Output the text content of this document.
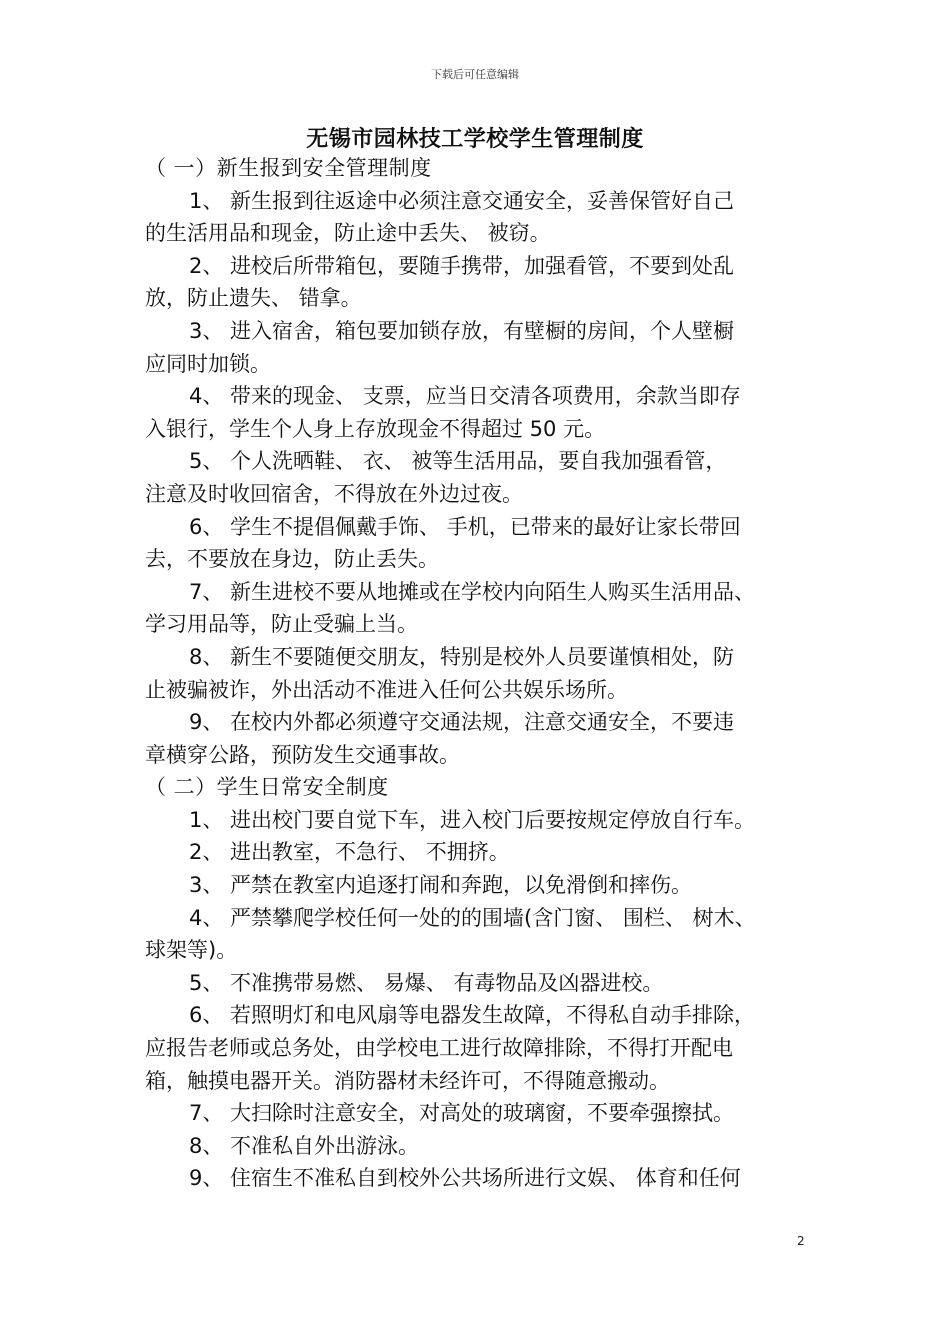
下载后可任意编辑
无锡市园林技工学校学生管理制度

（ 一）新生报到安全管理制度

1、 新生报到往返途中必须注意交通安全，妥善保管好自己

的生活用品和现金，防止途中丢失、 被窃。

2、 进校后所带箱包，要随手携带，加强看管，不要到处乱

放，防止遗失、 错拿。

3、 进入宿舍，箱包要加锁存放，有壁橱的房间，个人壁橱

应同时加锁。

4、 带来的现金、 支票，应当日交清各项费用，余款当即存

入银行，学生个人身上存放现金不得超过 50 元。

5、 个人洗晒鞋、 衣、 被等生活用品，要自我加强看管，

注意及时收回宿舍，不得放在外边过夜。

6、 学生不提倡佩戴手饰、 手机，已带来的最好让家长带回

去，不要放在身边，防止丢失。

7、 新生进校不要从地摊或在学校内向陌生人购买生活用品、

学习用品等，防止受骗上当。

8、 新生不要随便交朋友，特别是校外人员要谨慎相处，防

止被骗被诈，外出活动不准进入任何公共娱乐场所。

9、 在校内外都必须遵守交通法规，注意交通安全，不要违

章横穿公路，预防发生交通事故。

（ 二）学生日常安全制度

1、 进出校门要自觉下车，进入校门后要按规定停放自行车。

2、 进出教室，不急行、 不拥挤。

3、 严禁在教室内追逐打闹和奔跑，以免滑倒和摔伤。

4、 严禁攀爬学校任何一处的的围墙(含门窗、 围栏、 树木、

球架等)。

5、 不准携带易燃、 易爆、 有毒物品及凶器进校。

6、 若照明灯和电风扇等电器发生故障，不得私自动手排除，

应报告老师或总务处，由学校电工进行故障排除，不得打开配电

箱，触摸电器开关。消防器材未经许可，不得随意搬动。

7、 大扫除时注意安全，对高处的玻璃窗，不要牵强擦拭。

8、 不准私自外出游泳。

9、 住宿生不准私自到校外公共场所进行文娱、 体育和任何

2
